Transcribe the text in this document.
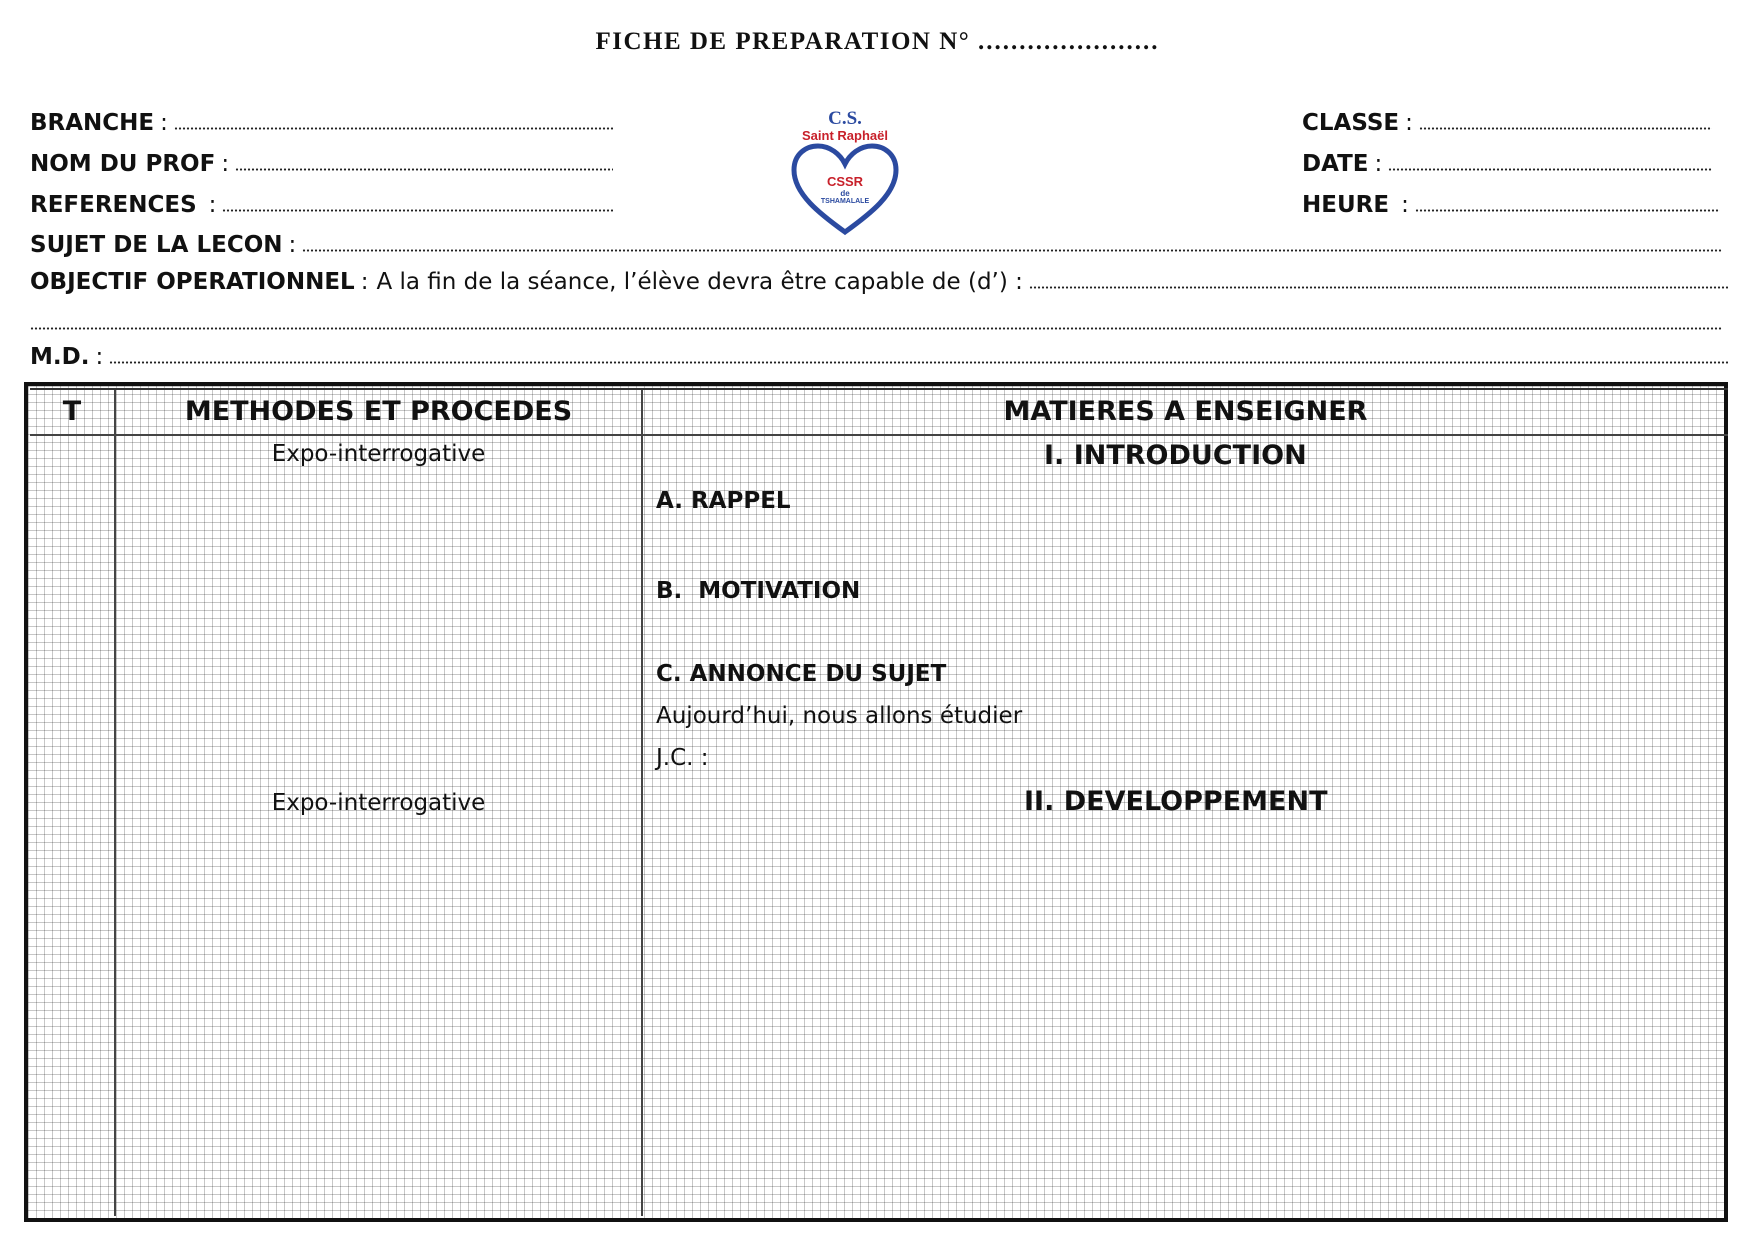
FICHE DE PREPARATION N° ......................
BRANCHE :
NOM DU PROF :
REFERENCES :
C.S.
Saint Raphaël
CSSR
de
TSHAMALALE
CLASSE :
DATE :
HEURE :
SUJET DE LA LECON :
OBJECTIF OPERATIONNEL : A la fin de la séance, l’élève devra être capable de (d’) :
M.D. :
T	METHODES ET PROCEDES	MATIERES A ENSEIGNER
Expo-interrogative
Expo-interrogative
I. INTRODUCTION
A. RAPPEL
B.  MOTIVATION
C. ANNONCE DU SUJET
Aujourd’hui, nous allons étudier
J.C. :
II. DEVELOPPEMENT
